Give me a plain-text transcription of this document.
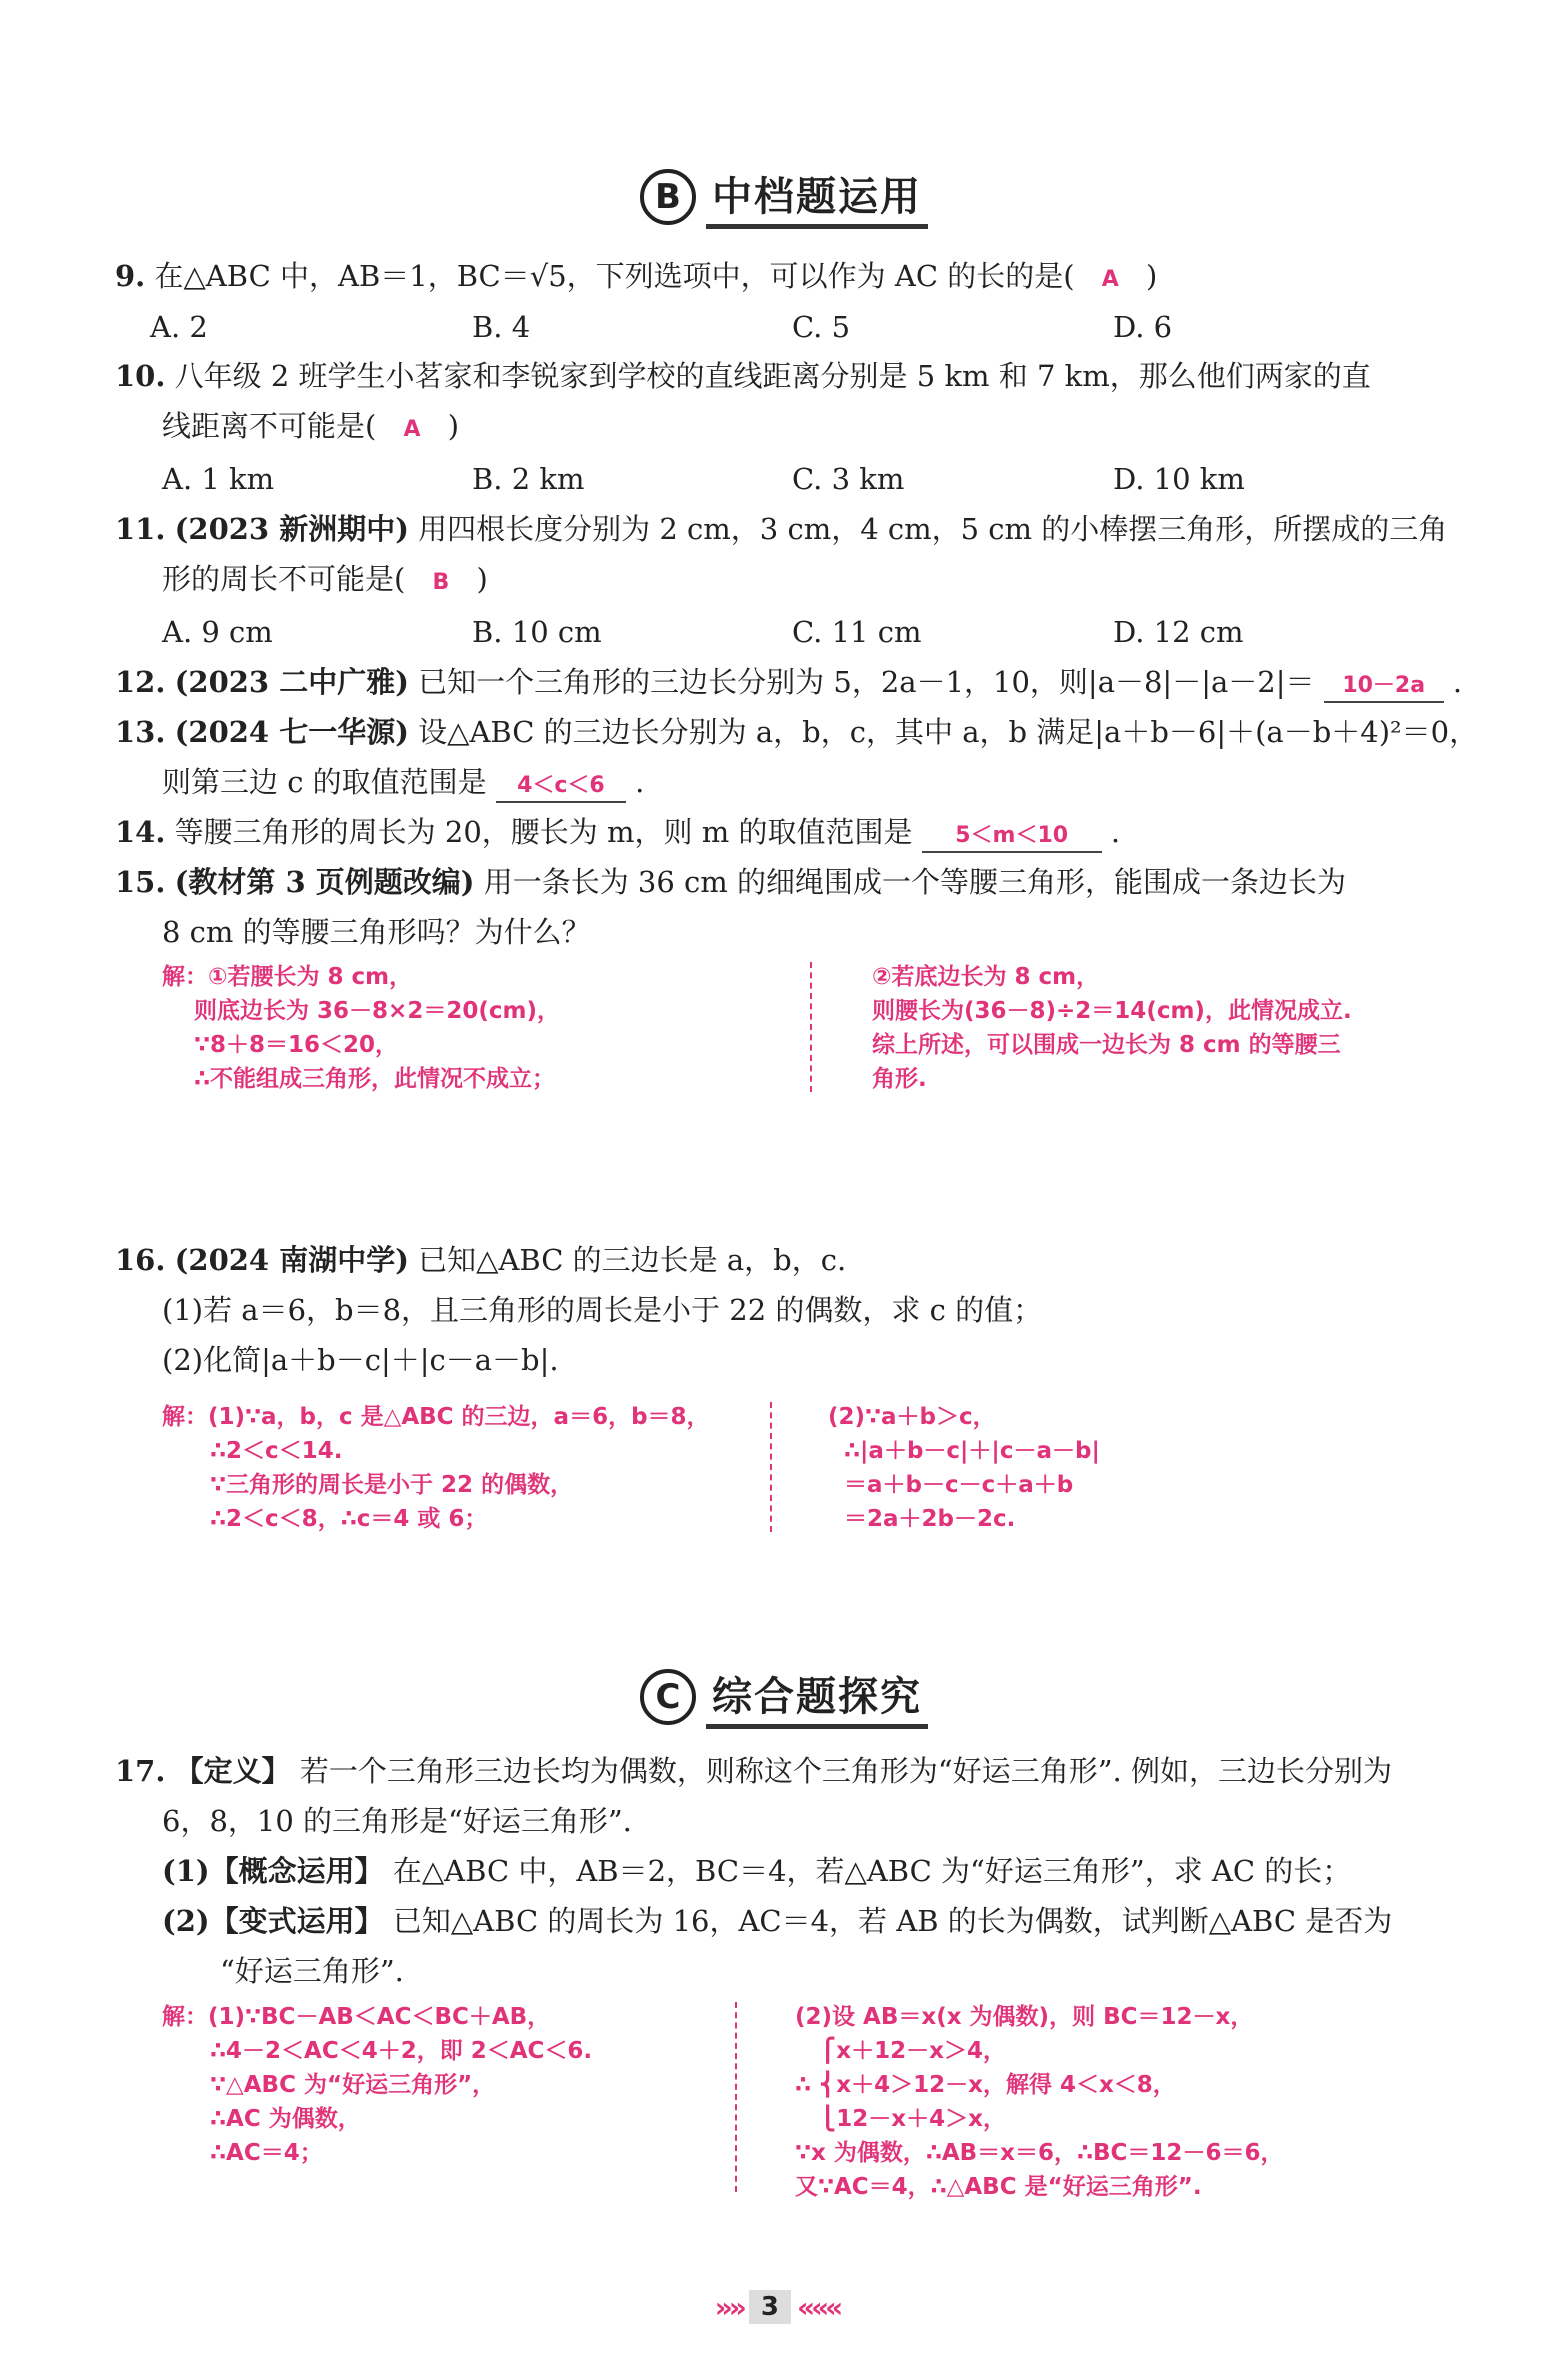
B 中档题运用
9. 在△ABC 中，AB＝1，BC＝√5，下列选项中，可以作为 AC 的长的是( A )
A. 2	B. 4	C. 5	D. 6
10. 八年级 2 班学生小茗家和李锐家到学校的直线距离分别是 5 km 和 7 km，那么他们两家的直
线距离不可能是( A )
A. 1 km	B. 2 km	C. 3 km	D. 10 km
11. (2023 新洲期中) 用四根长度分别为 2 cm，3 cm，4 cm，5 cm 的小棒摆三角形，所摆成的三角
形的周长不可能是( B )
A. 9 cm	B. 10 cm	C. 11 cm	D. 12 cm
12. (2023 二中广雅) 已知一个三角形的三边长分别为 5，2a－1，10，则|a－8|－|a－2|＝ 10－2a .
13. (2024 七一华源) 设△ABC 的三边长分别为 a，b，c，其中 a，b 满足|a＋b－6|＋(a－b＋4)²＝0，
则第三边 c 的取值范围是 4＜c＜6 .
14. 等腰三角形的周长为 20，腰长为 m，则 m 的取值范围是 5＜m＜10 .
15. (教材第 3 页例题改编) 用一条长为 36 cm 的细绳围成一个等腰三角形，能围成一条边长为
8 cm 的等腰三角形吗？为什么？
解：①若腰长为 8 cm，
则底边长为 36－8×2＝20(cm)，
∵8＋8＝16＜20，
∴不能组成三角形，此情况不成立；
②若底边长为 8 cm，
则腰长为(36－8)÷2＝14(cm)，此情况成立.
综上所述，可以围成一边长为 8 cm 的等腰三
角形.
16. (2024 南湖中学) 已知△ABC 的三边长是 a，b，c.
(1)若 a＝6，b＝8，且三角形的周长是小于 22 的偶数，求 c 的值；
(2)化简|a＋b－c|＋|c－a－b|.
解：(1)∵a，b，c 是△ABC 的三边，a＝6，b＝8，
∴2＜c＜14.
∵三角形的周长是小于 22 的偶数，
∴2＜c＜8，∴c＝4 或 6；
(2)∵a＋b＞c，
∴|a＋b－c|＋|c－a－b|
＝a＋b－c－c＋a＋b
＝2a＋2b－2c.
C 综合题探究
17. 【定义】 若一个三角形三边长均为偶数，则称这个三角形为“好运三角形”. 例如，三边长分别为
6，8，10 的三角形是“好运三角形”.
(1)【概念运用】 在△ABC 中，AB＝2，BC＝4，若△ABC 为“好运三角形”，求 AC 的长；
(2)【变式运用】 已知△ABC 的周长为 16，AC＝4，若 AB 的长为偶数，试判断△ABC 是否为
“好运三角形”.
解：(1)∵BC－AB＜AC＜BC＋AB，
∴4－2＜AC＜4＋2，即 2＜AC＜6.
∵△ABC 为“好运三角形”，
∴AC 为偶数，
∴AC＝4；
(2)设 AB＝x(x 为偶数)，则 BC＝12－x，
⎧x＋12－x＞4，
∴ ⎨x＋4＞12－x，解得 4＜x＜8，
⎩12－x＋4＞x，
∵x 为偶数，∴AB＝x＝6，∴BC＝12－6＝6，
又∵AC＝4，∴△ABC 是“好运三角形”.
»» 3 «««
